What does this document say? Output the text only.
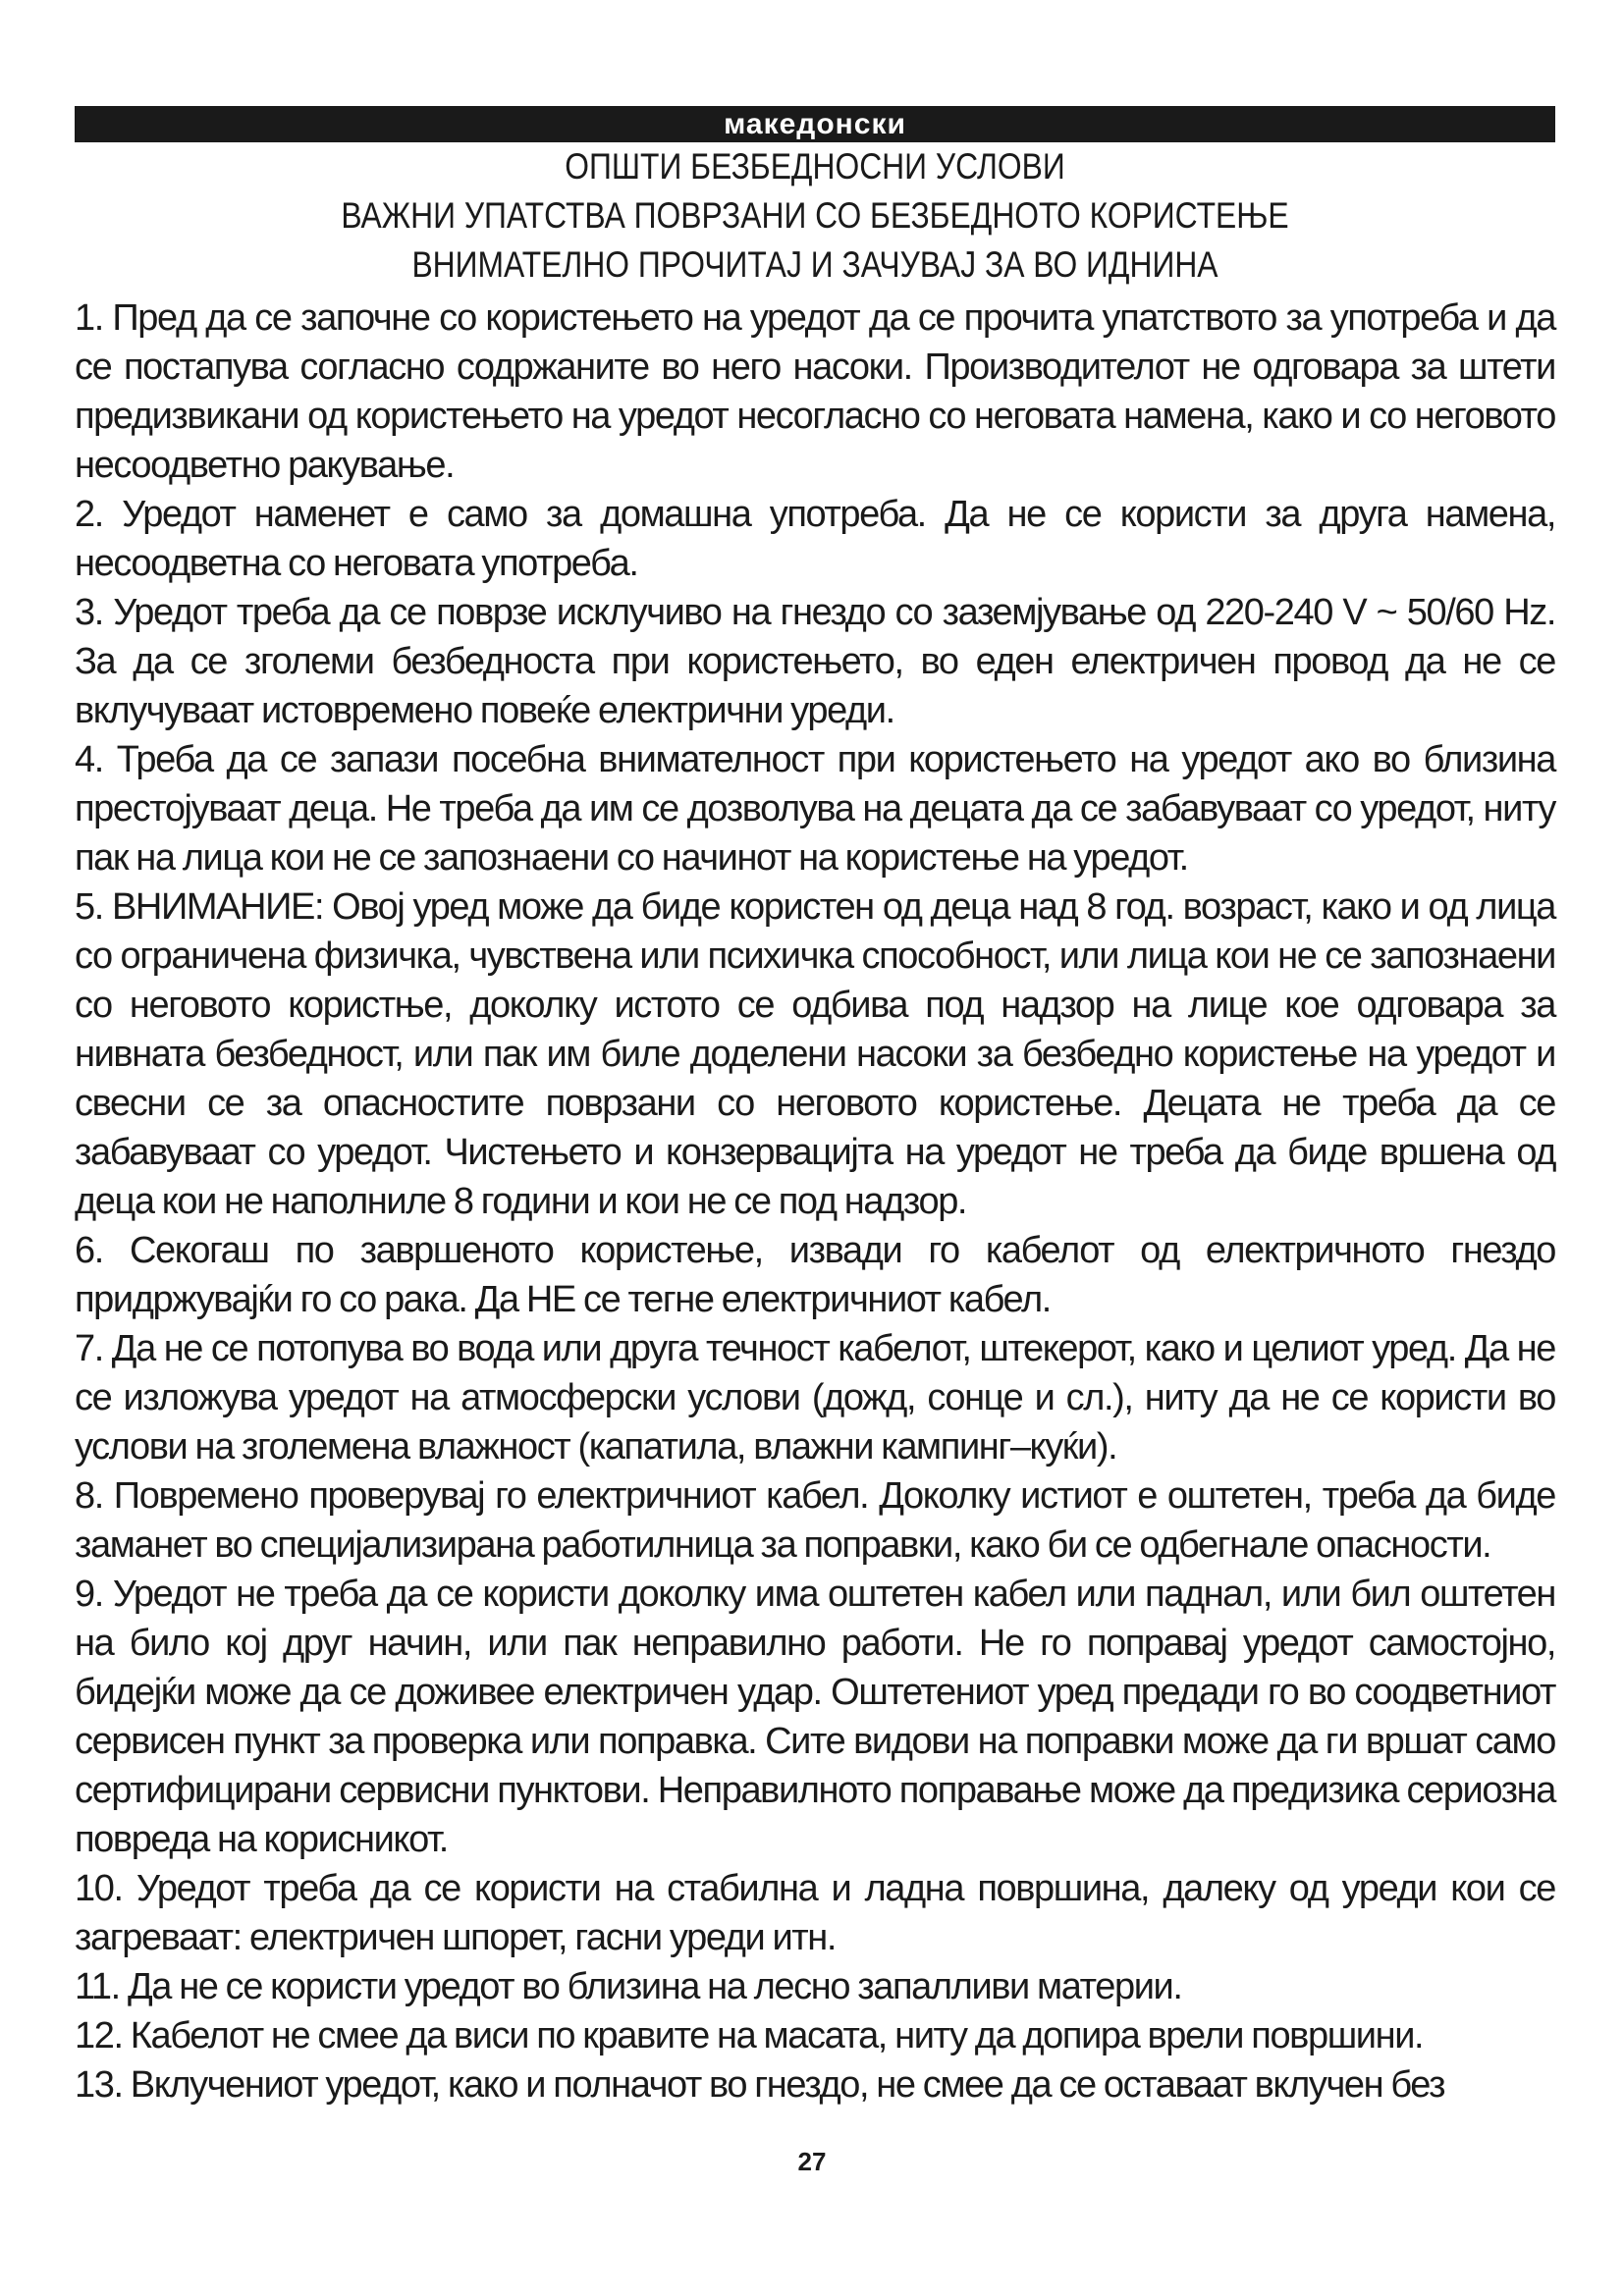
македонски
ОПШТИ БЕЗБЕДНОСНИ УСЛОВИ
ВАЖНИ УПАТСТВА ПОВРЗАНИ СО БЕЗБЕДНОТО КОРИСТЕЊЕ
ВНИМАТЕЛНО ПРОЧИТАЈ И ЗАЧУВАЈ ЗА ВО ИДНИНА
1. Пред да се започне со користењето на уредот да се прочита упатството за употреба и да се постапува согласно содржаните во него насоки. Производителот не одговара за штети предизвикани од користењето на уредот несогласно со неговата намена, како и со неговото несоодветно ракување.
2. Уредот наменет е само за домашна употреба. Да не се користи за друга намена, несоодветна со неговата употреба.
3. Уредот треба да се поврзе исклучиво на гнездо со заземјување од 220-240 V ~ 50/60 Hz. За да се зголеми безбедноста при користењето, во еден електричен провод да не се вклучуваат истовремено повеќе електрични уреди.
4. Треба да се запази посебна внимателност при користењето на уредот ако во близина престојуваат деца. Не треба да им се дозволува на децата да се забавуваат со уредот, ниту пак на лица кои не се запознаени со начинот на користење на уредот.
5. ВНИМАНИЕ: Овој уред може да биде користен од деца над 8 год. возраст, како и од лица со ограничена физичка, чувствена или психичка способност, или лица кои не се запознаени со неговото користње, доколку истото се одбива под надзор на лице кое одговара за нивната безбедност, или пак им биле доделени насоки за безбедно користење на уредот и свесни се за опасностите поврзани со неговото користење. Децата не треба да се забавуваат со уредот. Чистењето и конзервацијта на уредот не треба да биде вршена од деца кои не наполниле 8 години и кои не се под надзор.
6. Секогаш по завршеното користење, извади го кабелот од електричното гнездо придржувајќи го со рака. Да НЕ се тегне електричниот кабел.
7. Да не се потопува во вода или друга течност кабелот, штекерот, како и целиот уред. Да не се изложува уредот на атмосферски услови (дожд, сонце и сл.), ниту да не се користи во услови на зголемена влажност (капатила, влажни кампинг–куќи).
8. Повремено проверувај го електричниот кабел. Доколку истиот е оштетен, треба да биде заманет во специјализирана работилница за поправки, како би се одбегнале опасности.
9. Уредот не треба да се користи доколку има оштетен кабел или паднал, или бил оштетен на било кој друг начин, или пак неправилно работи. Не го поправај уредот самостојно, бидејќи може да се доживее електричен удар. Оштетениот уред предади го во соодветниот сервисен пункт за проверка или поправка. Сите видови на поправки може да ги вршат само сертифицирани сервисни пунктови. Неправилното поправање може да предизика сериозна повреда на корисникот.
10. Уредот треба да се користи на стабилна и ладна површина, далеку од уреди кои се загреваат: електричен шпорет, гасни уреди итн.
11. Да не се користи уредот во близина на лесно запалливи материи.
12. Кабелот не смее да виси по кравите на масата, ниту да допира врели површини.
13. Вклучениот уредот, како и полначот во гнездо, не смее да се оставаат вклучен без
27
